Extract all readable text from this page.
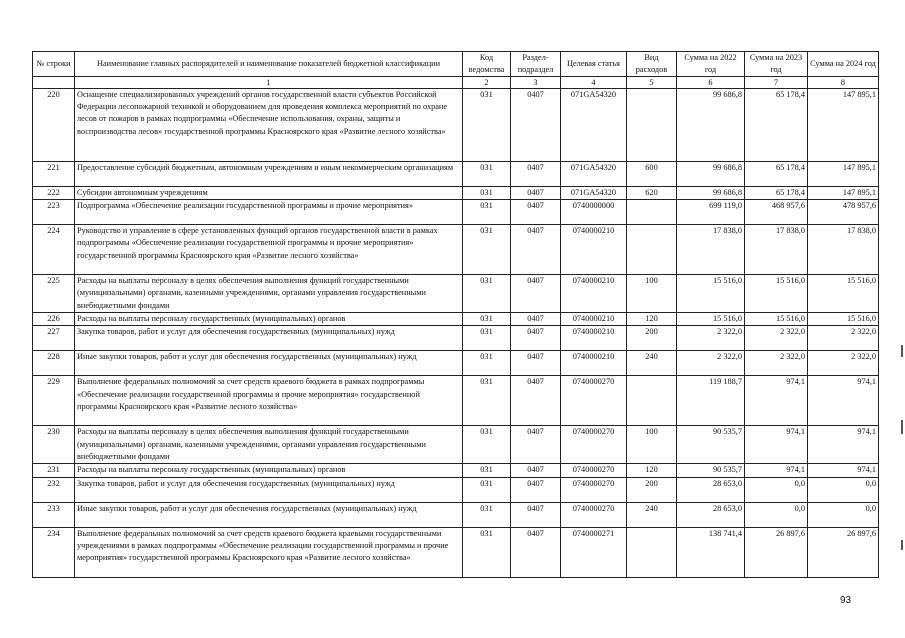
№ строки	Наименование главных распорядителей и наименование показателей бюджетной классификации	Код ведомства	Раздел-подраздел	Целевая статья	Вид расходов	Сумма на 2022 год	Сумма на 2023 год	Сумма на 2024 год
	1	2	3	4	5	6	7	8
220	Оснащение специализированных учреждений органов государственной власти субъектов Российской Федерации лесопожарной техникой и оборудованием для проведения комплекса мероприятий по охране лесов от пожаров в рамках подпрограммы «Обеспечение использования, охраны, защиты и воспроизводства лесов» государственной программы Красноярского края «Развитие лесного хозяйства»	031	0407	071GA54320		99 686,8	65 178,4	147 895,1
221	Предоставление субсидий бюджетным, автономным учреждениям и иным некоммерческим организациям	031	0407	071GA54320	600	99 686,8	65 178,4	147 895,1
222	Субсидии автономным учреждениям	031	0407	071GA54320	620	99 686,8	65 178,4	147 895,1
223	Подпрограмма «Обеспечение реализации государственной программы и прочие мероприятия»	031	0407	0740000000		699 119,0	468 957,6	478 957,6
224	Руководство и управление в сфере установленных функций органов государственной власти в рамках подпрограммы «Обеспечение реализации государственной программы и прочие мероприятия» государственной программы Красноярского края «Развитие лесного хозяйства»	031	0407	0740000210		17 838,0	17 838,0	17 838,0
225	Расходы на выплаты персоналу в целях обеспечения выполнения функций государственными (муниципальными) органами, казенными учреждениями, органами управления государственными внебюджетными фондами	031	0407	0740000210	100	15 516,0	15 516,0	15 516,0
226	Расходы на выплаты персоналу государственных (муниципальных) органов	031	0407	0740000210	120	15 516,0	15 516,0	15 516,0
227	Закупка товаров, работ и услуг для обеспечения государственных (муниципальных) нужд	031	0407	0740000210	200	2 322,0	2 322,0	2 322,0
228	Иные закупки товаров, работ и услуг для обеспечения государственных (муниципальных) нужд	031	0407	0740000210	240	2 322,0	2 322,0	2 322,0
229	Выполнение федеральных полномочий за счет средств краевого бюджета в рамках подпрограммы «Обеспечение реализации государственной программы и прочие мероприятия» государственной программы Красноярского края «Развитие лесного хозяйства»	031	0407	0740000270		119 188,7	974,1	974,1
230	Расходы на выплаты персоналу в целях обеспечения выполнения функций государственными (муниципальными) органами, казенными учреждениями, органами управления государственными внебюджетными фондами	031	0407	0740000270	100	90 535,7	974,1	974,1
231	Расходы на выплаты персоналу государственных (муниципальных) органов	031	0407	0740000270	120	90 535,7	974,1	974,1
232	Закупка товаров, работ и услуг для обеспечения государственных (муниципальных) нужд	031	0407	0740000270	200	28 653,0	0,0	0,0
233	Иные закупки товаров, работ и услуг для обеспечения государственных (муниципальных) нужд	031	0407	0740000270	240	28 653,0	0,0	0,0
234	Выполнение федеральных полномочий за счет средств краевого бюджета краевыми государственными учреждениями в рамках подпрограммы «Обеспечение реализации государственной программы и прочие мероприятия» государственной программы Красноярского края «Развитие лесного хозяйства»	031	0407	0740000271		138 741,4	26 897,6	26 897,6
93
